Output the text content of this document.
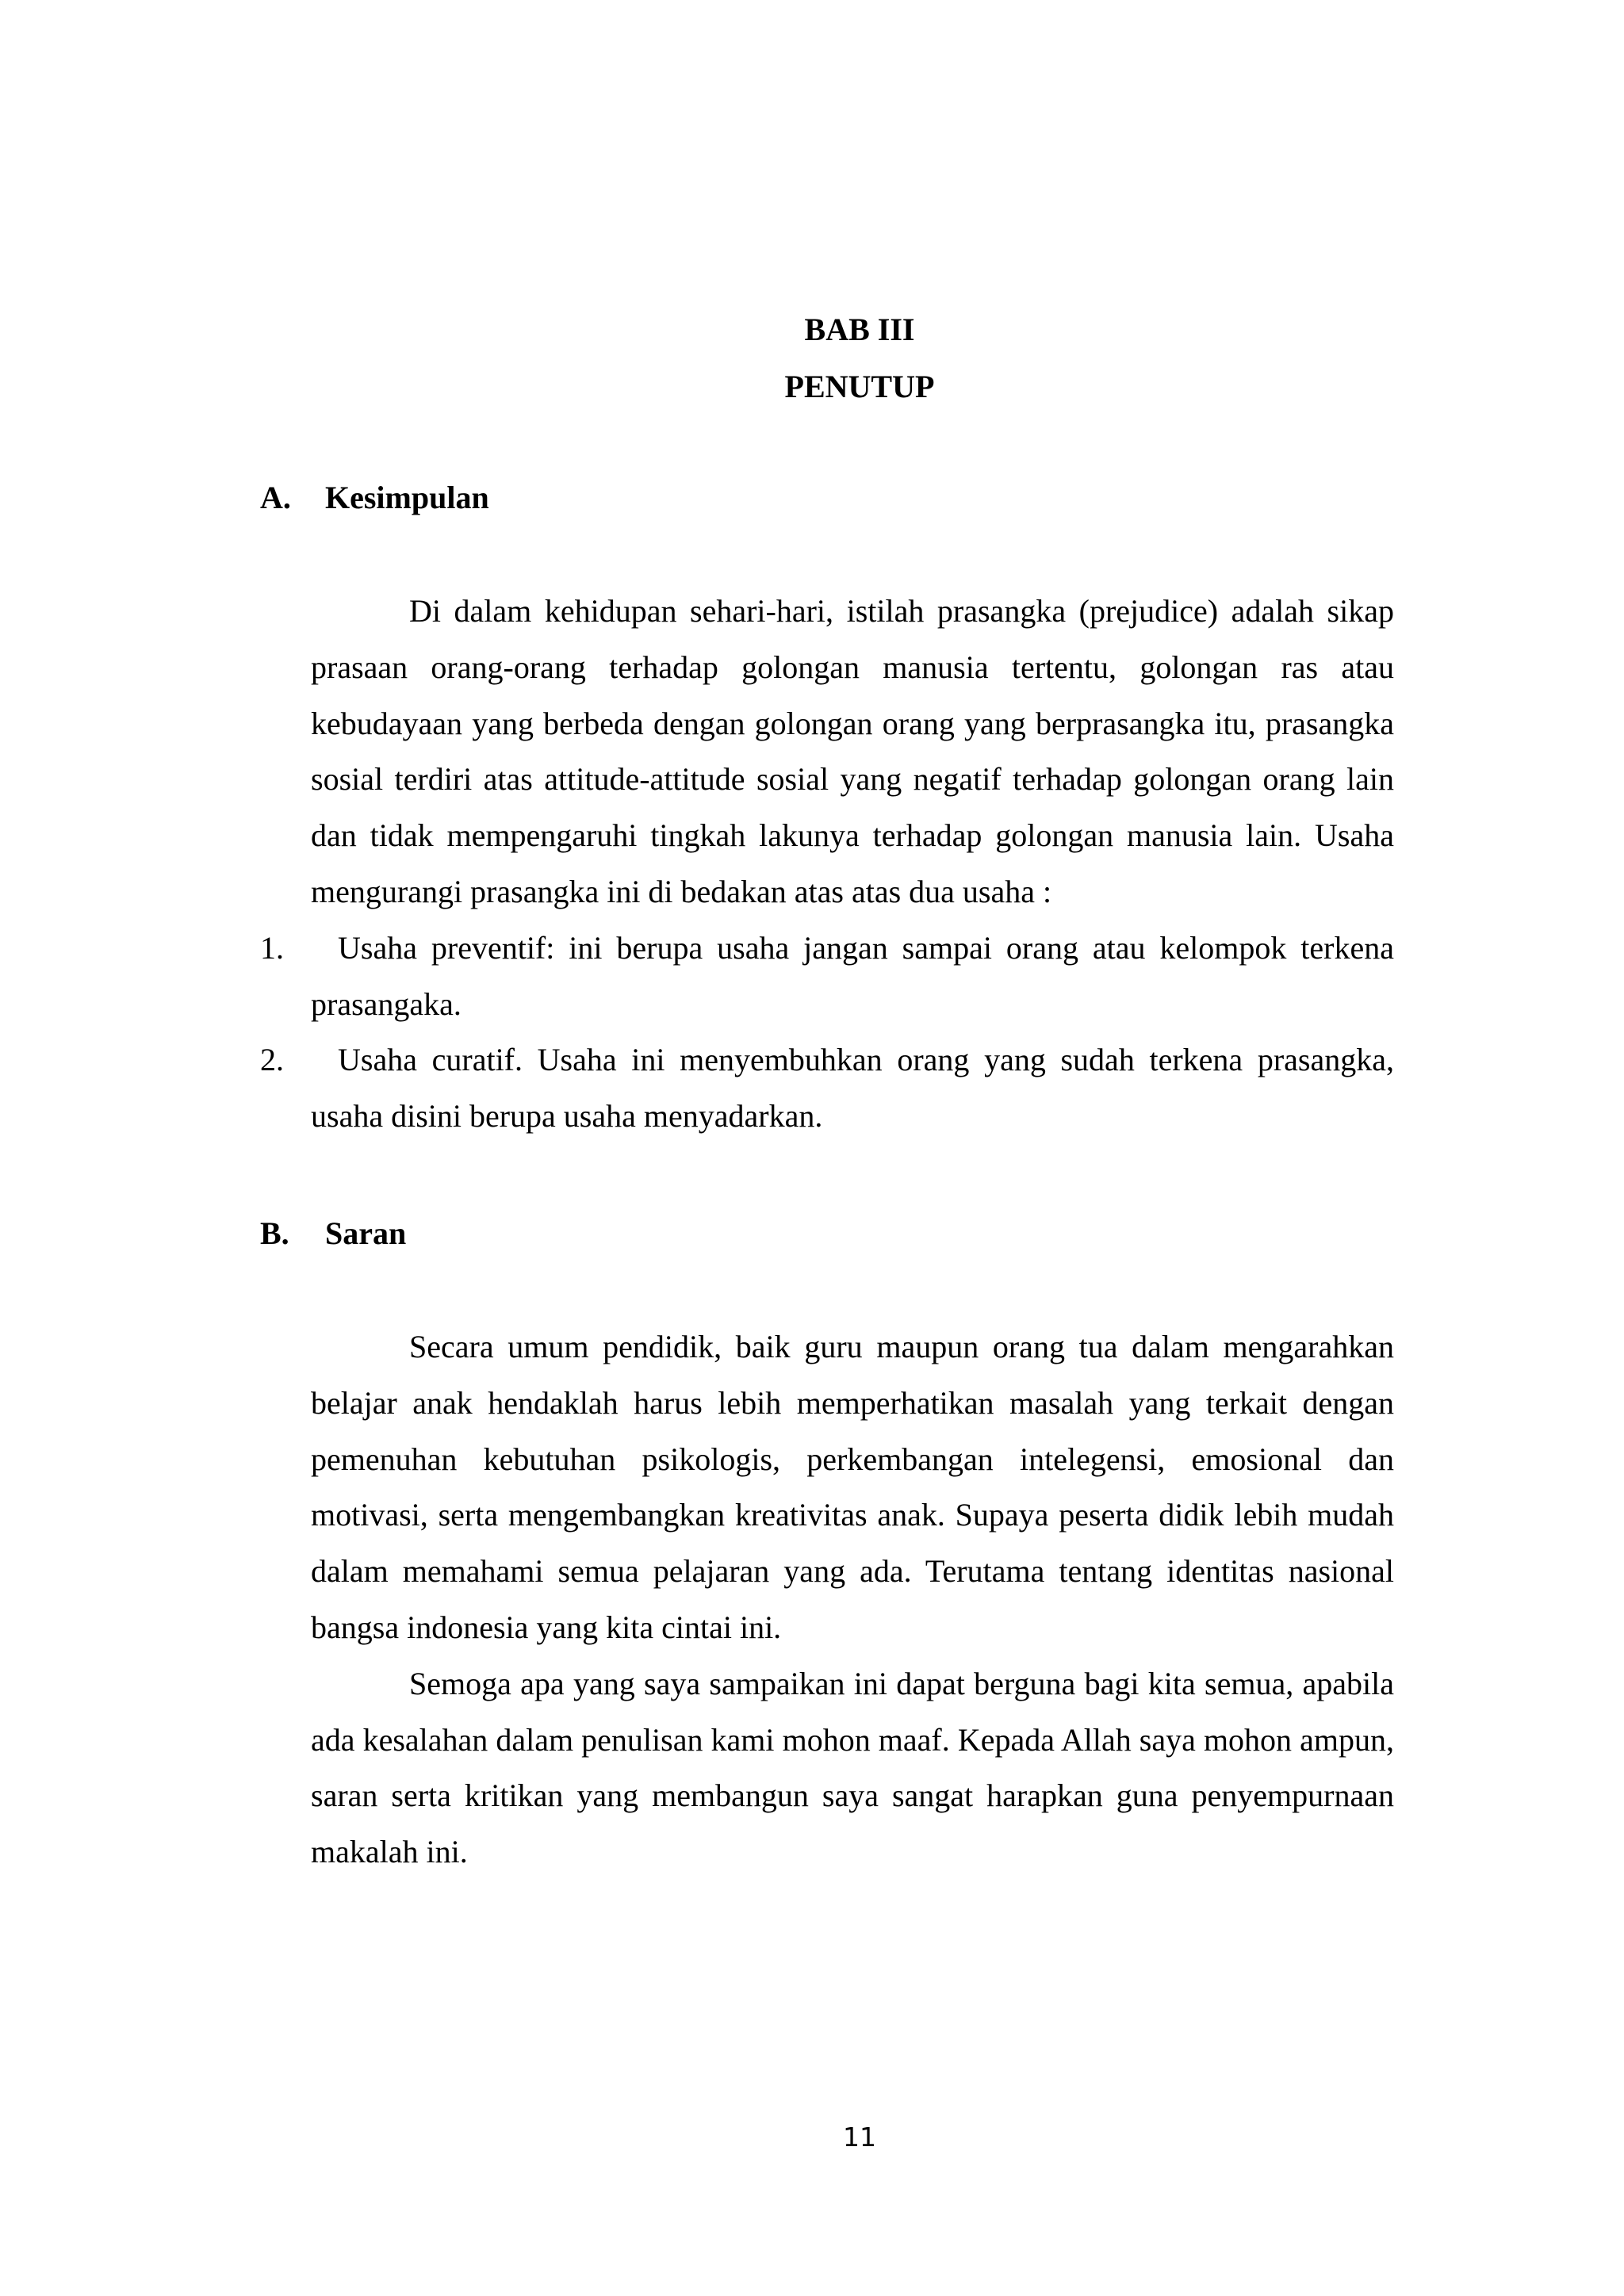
BAB III
PENUTUP
A.	Kesimpulan

Di dalam kehidupan sehari-hari, istilah prasangka (prejudice) adalah sikap prasaan orang-orang terhadap golongan manusia tertentu, golongan ras atau kebudayaan yang berbeda dengan golongan orang yang berprasangka itu, prasangka sosial terdiri atas attitude-attitude sosial yang negatif terhadap golongan orang lain dan tidak mempengaruhi tingkah lakunya terhadap golongan manusia lain. Usaha mengurangi prasangka ini di bedakan atas atas dua usaha :

1. Usaha preventif: ini berupa usaha jangan sampai orang atau kelompok terkena prasangaka.
2. Usaha curatif. Usaha ini menyembuhkan orang yang sudah terkena prasangka, usaha disini berupa usaha menyadarkan.
B.	Saran

Secara umum pendidik, baik guru maupun orang tua dalam mengarahkan belajar anak hendaklah harus lebih memperhatikan masalah yang terkait dengan pemenuhan kebutuhan psikologis, perkembangan intelegensi, emosional dan motivasi, serta mengembangkan kreativitas anak. Supaya peserta didik lebih mudah dalam memahami semua pelajaran yang ada. Terutama tentang identitas nasional bangsa indonesia yang kita cintai ini.

Semoga apa yang saya sampaikan ini dapat berguna bagi kita semua, apabila ada kesalahan dalam penulisan kami mohon maaf. Kepada Allah saya mohon ampun, saran serta kritikan yang membangun saya sangat harapkan guna penyempurnaan makalah ini.

11
